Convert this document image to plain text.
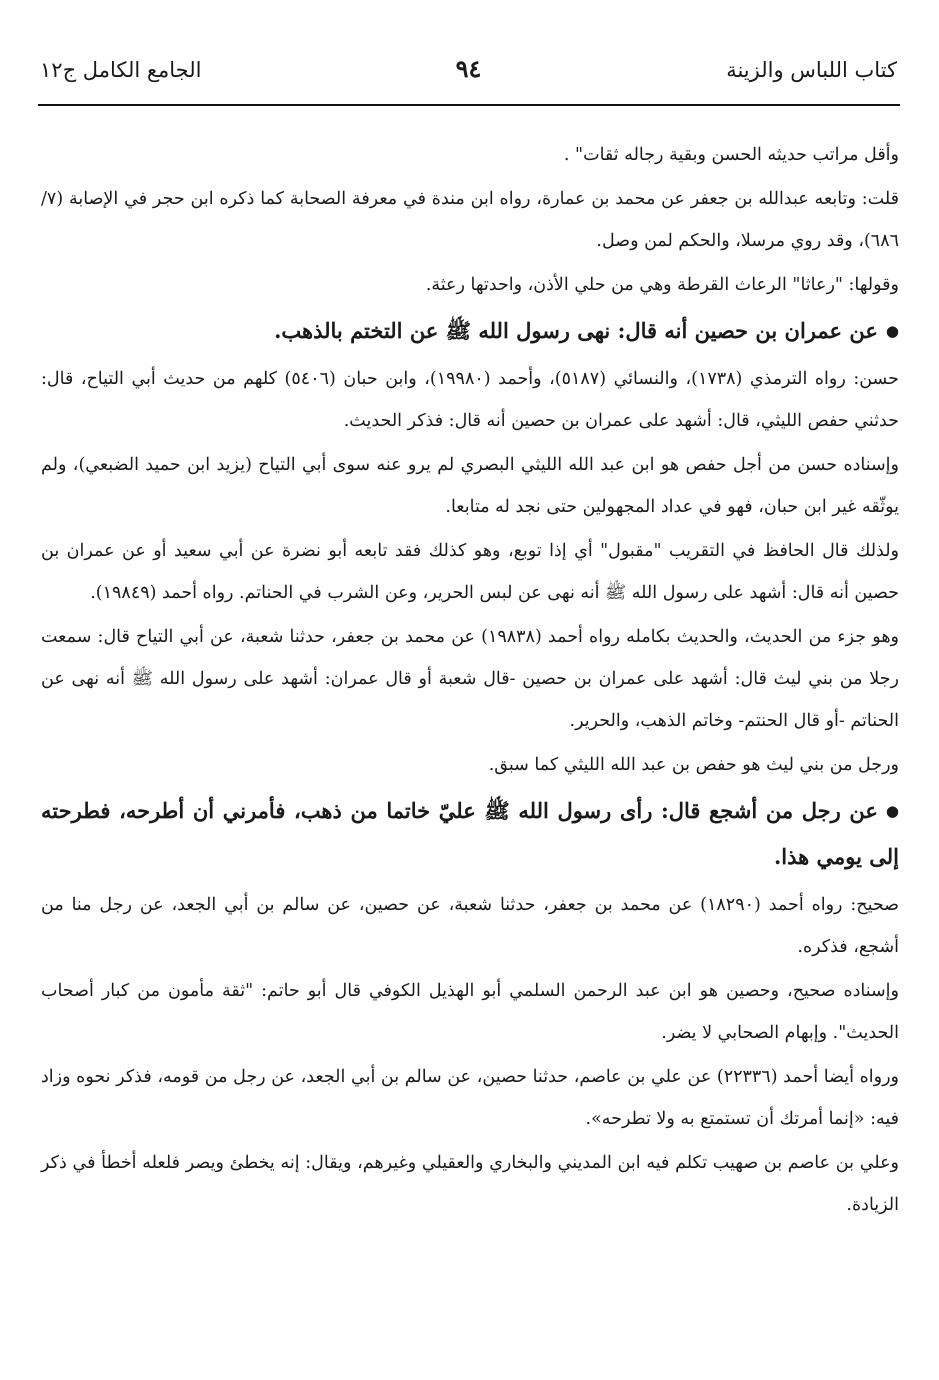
كتاب اللباس والزينة
٩٤
الجامع الكامل ج١٢

وأقل مراتب حديثه الحسن وبقية رجاله ثقات" .

قلت: وتابعه عبدالله بن جعفر عن محمد بن عمارة، رواه ابن مندة في معرفة الصحابة كما ذكره ابن حجر في الإصابة (٧/ ٦٨٦)، وقد روي مرسلا، والحكم لمن وصل.

وقولها: "رعاثا" الرعاث القرطة وهي من حلي الأذن، واحدتها رعثة.

●عن عمران بن حصين أنه قال: نهى رسول الله ﷺ عن التختم بالذهب.

حسن: رواه الترمذي (١٧٣٨)، والنسائي (٥١٨٧)، وأحمد (١٩٩٨٠)، وابن حبان (٥٤٠٦) كلهم من حديث أبي التياح، قال: حدثني حفص الليثي، قال: أشهد على عمران بن حصين أنه قال: فذكر الحديث.

وإسناده حسن من أجل حفص هو ابن عبد الله الليثي البصري لم يرو عنه سوى أبي التياح (يزيد ابن حميد الضبعي)، ولم يوثّقه غير ابن حبان، فهو في عداد المجهولين حتى نجد له متابعا.

ولذلك قال الحافظ في التقريب "مقبول" أي إذا توبع، وهو كذلك فقد تابعه أبو نضرة عن أبي سعيد أو عن عمران بن حصين أنه قال: أشهد على رسول الله ﷺ أنه نهى عن لبس الحرير، وعن الشرب في الحناتم. رواه أحمد (١٩٨٤٩).

وهو جزء من الحديث، والحديث بكامله رواه أحمد (١٩٨٣٨) عن محمد بن جعفر، حدثنا شعبة، عن أبي التياح قال: سمعت رجلا من بني ليث قال: أشهد على عمران بن حصين -قال شعبة أو قال عمران: أشهد على رسول الله ﷺ أنه نهى عن الحناتم -أو قال الحنتم- وخاتم الذهب، والحرير.

ورجل من بني ليث هو حفص بن عبد الله الليثي كما سبق.

●عن رجل من أشجع قال: رأى رسول الله ﷺ عليّ خاتما من ذهب، فأمرني أن أطرحه، فطرحته إلى يومي هذا.

صحيح: رواه أحمد (١٨٢٩٠) عن محمد بن جعفر، حدثنا شعبة، عن حصين، عن سالم بن أبي الجعد، عن رجل منا من أشجع، فذكره.

وإسناده صحيح، وحصين هو ابن عبد الرحمن السلمي أبو الهذيل الكوفي قال أبو حاتم: "ثقة مأمون من كبار أصحاب الحديث". وإبهام الصحابي لا يضر.

ورواه أيضا أحمد (٢٢٣٣٦) عن علي بن عاصم، حدثنا حصين، عن سالم بن أبي الجعد، عن رجل من قومه، فذكر نحوه وزاد فيه: «إنما أمرتك أن تستمتع به ولا تطرحه».

وعلي بن عاصم بن صهيب تكلم فيه ابن المديني والبخاري والعقيلي وغيرهم، ويقال: إنه يخطئ ويصر فلعله أخطأ في ذكر الزيادة.
